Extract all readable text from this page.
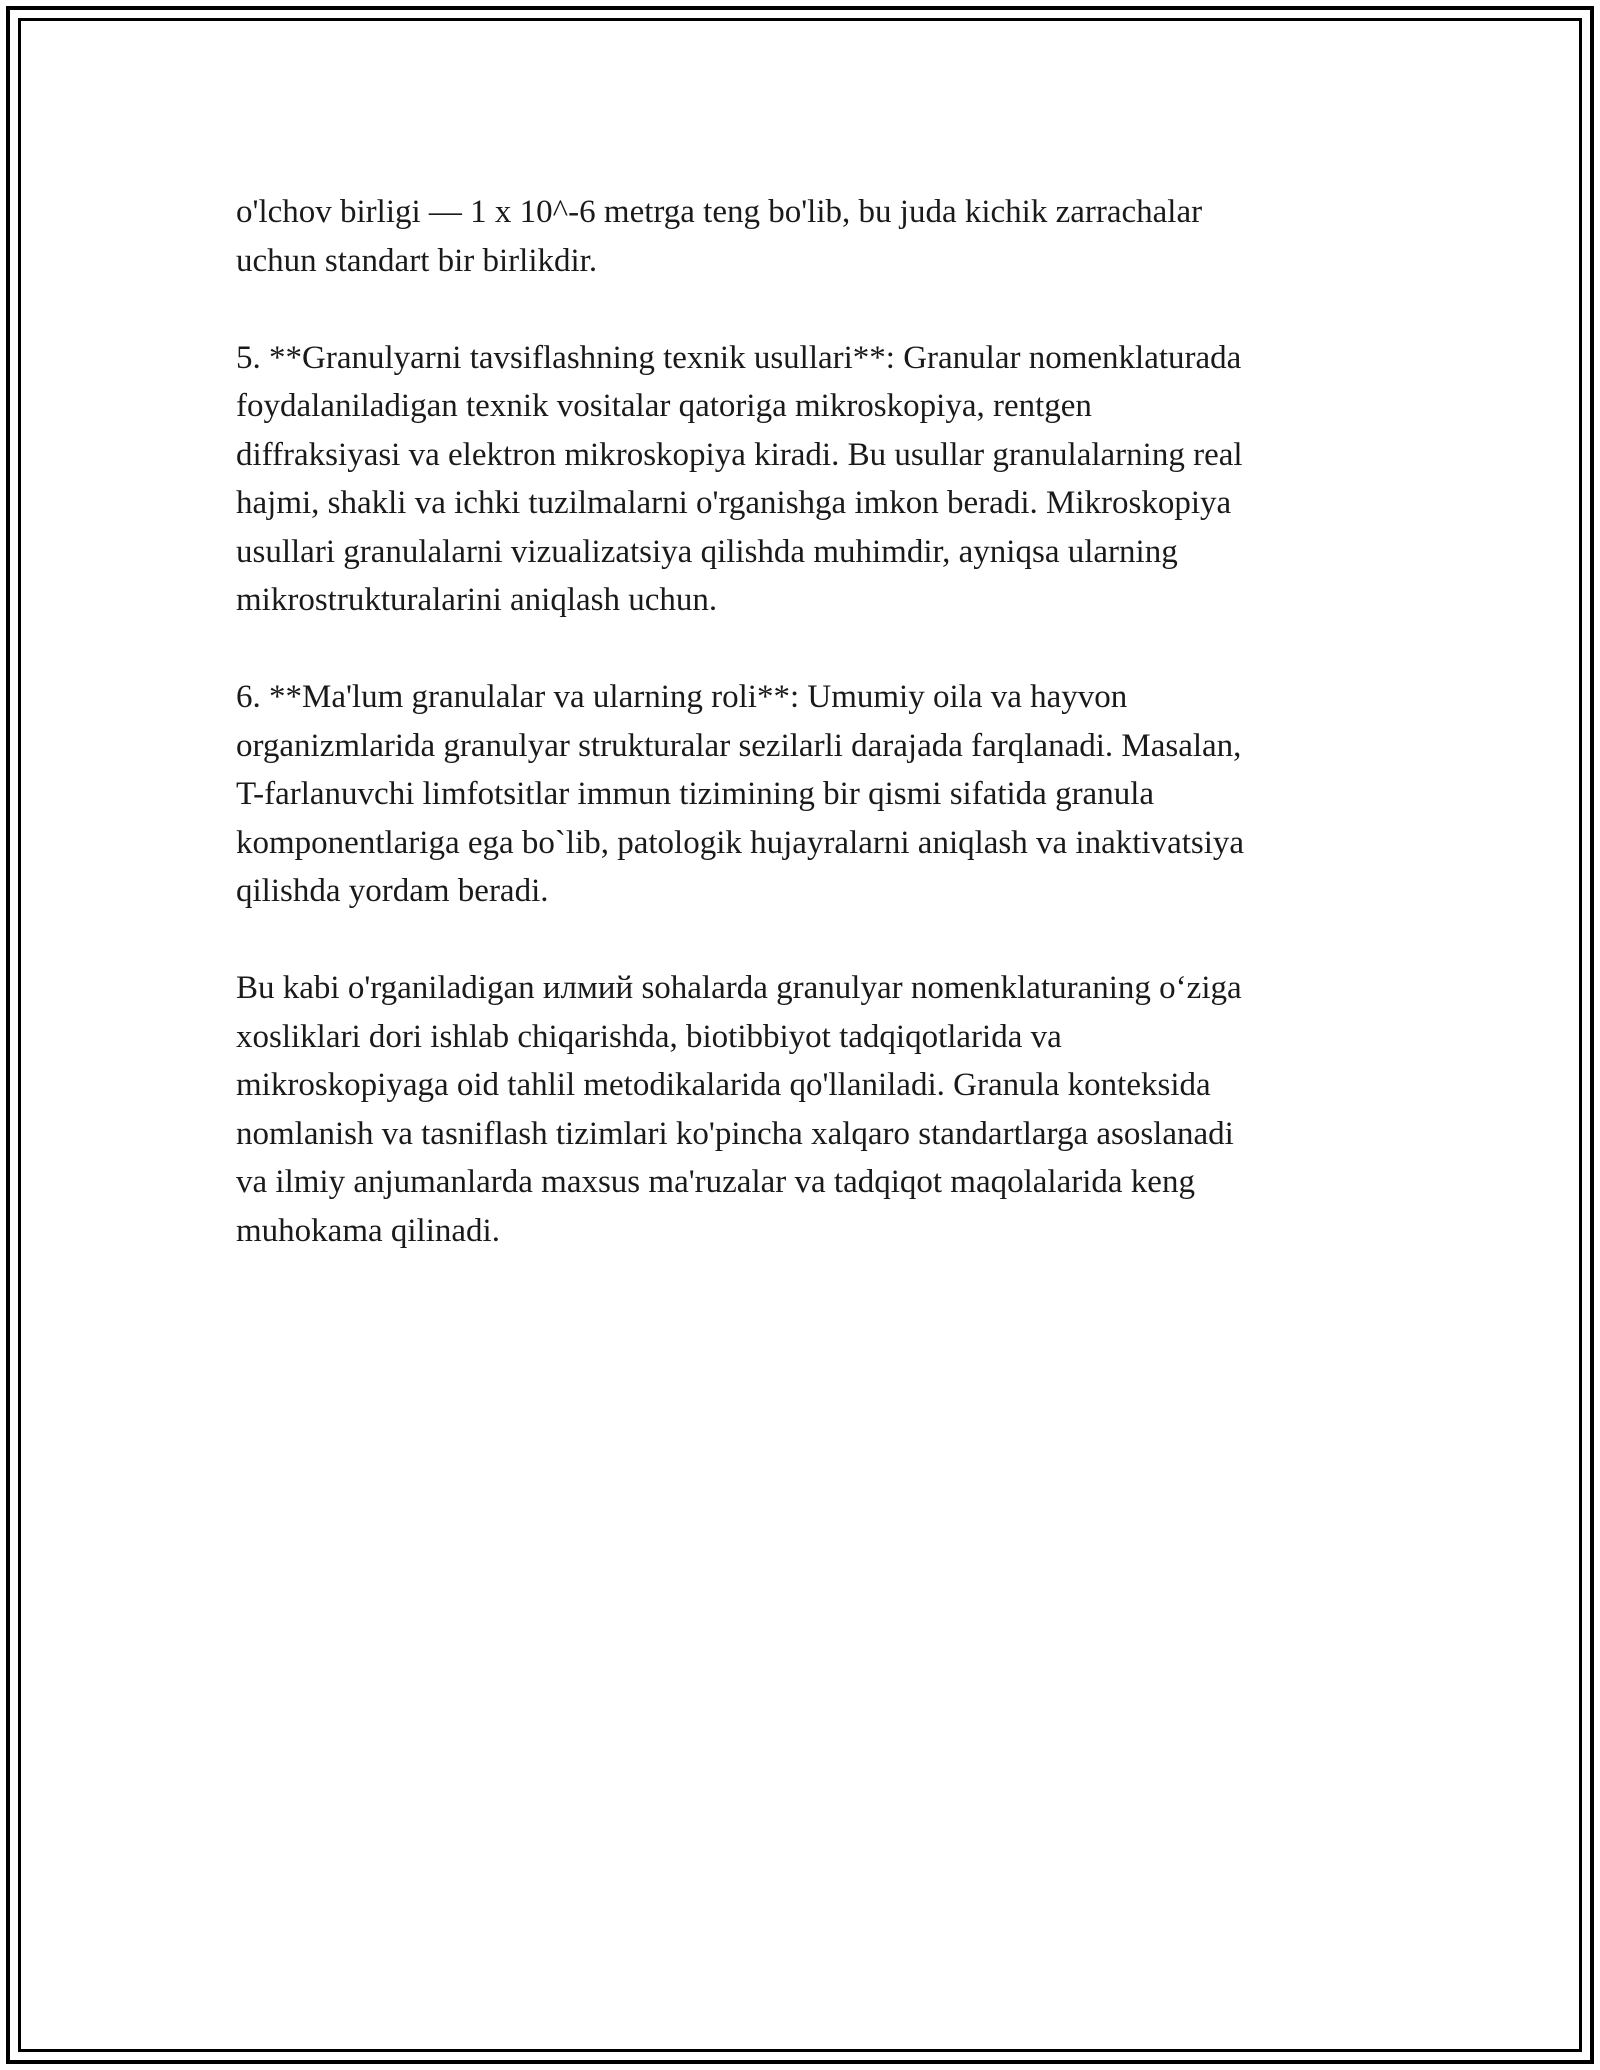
o'lchov birligi — 1 x 10^-6 metrga teng bo'lib, bu juda kichik zarrachalar
uchun standart bir birlikdir.

5. **Granulyarni tavsiflashning texnik usullari**: Granular nomenklaturada
foydalaniladigan texnik vositalar qatoriga mikroskopiya, rentgen
diffraksiyasi va elektron mikroskopiya kiradi. Bu usullar granulalarning real
hajmi, shakli va ichki tuzilmalarni o'rganishga imkon beradi. Mikroskopiya
usullari granulalarni vizualizatsiya qilishda muhimdir, ayniqsa ularning
mikrostrukturalarini aniqlash uchun.

6. **Ma'lum granulalar va ularning roli**: Umumiy oila va hayvon
organizmlarida granulyar strukturalar sezilarli darajada farqlanadi. Masalan,
T-farlanuvchi limfotsitlar immun tizimining bir qismi sifatida granula
komponentlariga ega bo`lib, patologik hujayralarni aniqlash va inaktivatsiya
qilishda yordam beradi.

Bu kabi o'rganiladigan илмий sohalarda granulyar nomenklaturaning o‘ziga
xosliklari dori ishlab chiqarishda, biotibbiyot tadqiqotlarida va
mikroskopiyaga oid tahlil metodikalarida qo'llaniladi. Granula konteksida
nomlanish va tasniflash tizimlari ko'pincha xalqaro standartlarga asoslanadi
va ilmiy anjumanlarda maxsus ma'ruzalar va tadqiqot maqolalarida keng
muhokama qilinadi.
